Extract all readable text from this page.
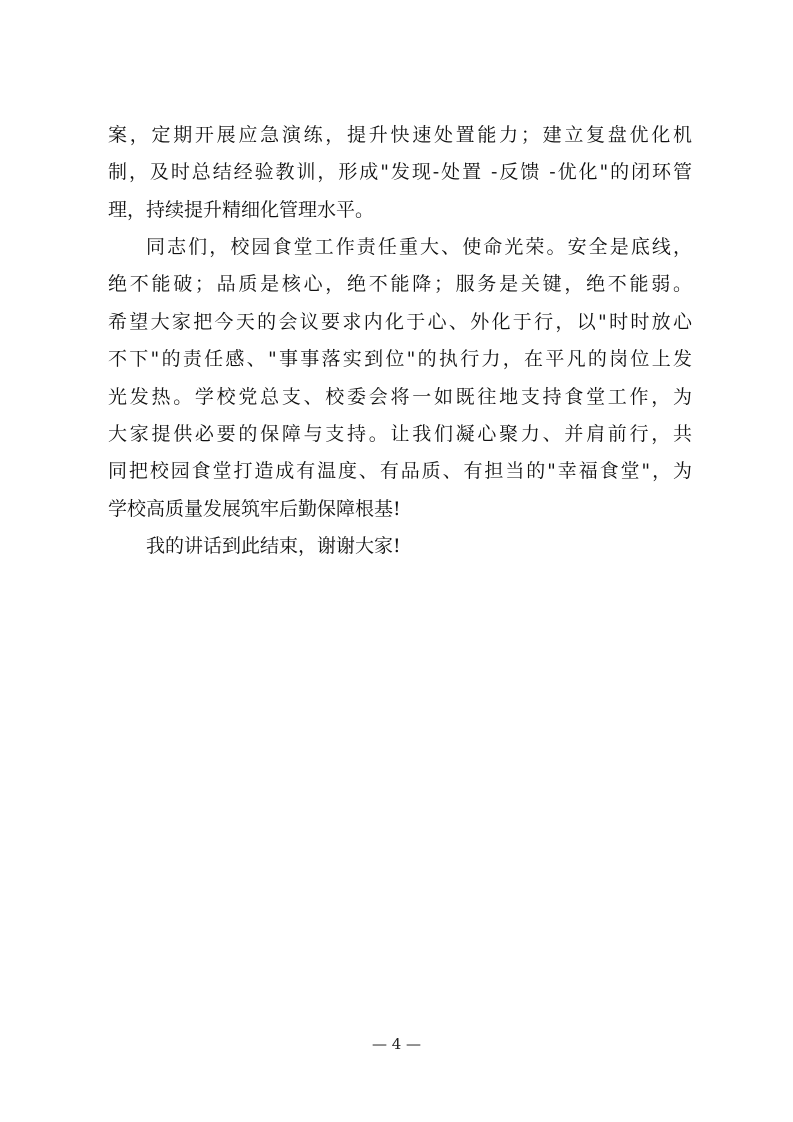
案，定期开展应急演练，提升快速处置能力；建立复盘优化机
制，及时总结经验教训，形成"发现-处置 -反馈 -优化"的闭环管
理，持续提升精细化管理水平。
同志们，校园食堂工作责任重大、使命光荣。安全是底线，
绝不能破；品质是核心，绝不能降；服务是关键，绝不能弱。
希望大家把今天的会议要求内化于心、外化于行，以"时时放心
不下"的责任感、"事事落实到位"的执行力，在平凡的岗位上发
光发热。学校党总支、校委会将一如既往地支持食堂工作，为
大家提供必要的保障与支持。让我们凝心聚力、并肩前行，共
同把校园食堂打造成有温度、有品质、有担当的"幸福食堂"，为
学校高质量发展筑牢后勤保障根基!
我的讲话到此结束，谢谢大家!
— 4 —
